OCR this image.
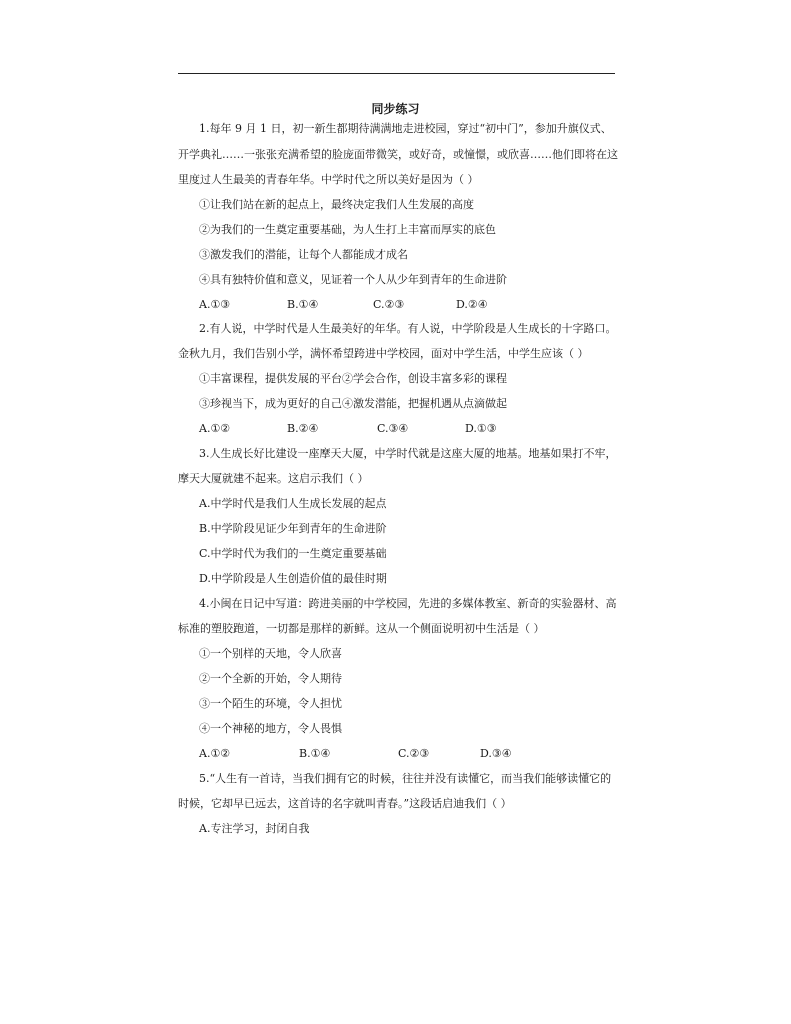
同步练习
1.每年 9 月 1 日，初一新生都期待满满地走进校园，穿过“初中门”，参加升旗仪式、
开学典礼……一张张充满希望的脸庞面带微笑，或好奇，或憧憬，或欣喜……他们即将在这
里度过人生最美的青春年华。中学时代之所以美好是因为（ ）
①让我们站在新的起点上，最终决定我们人生发展的高度
②为我们的一生奠定重要基础，为人生打上丰富而厚实的底色
③激发我们的潜能，让每个人都能成才成名
④具有独特价值和意义，见证着一个人从少年到青年的生命进阶
A.①③	B.①④	C.②③	D.②④
2.有人说，中学时代是人生最美好的年华。有人说，中学阶段是人生成长的十字路口。
金秋九月，我们告别小学，满怀希望跨进中学校园，面对中学生活，中学生应该（ ）
①丰富课程，提供发展的平台②学会合作，创设丰富多彩的课程
③珍视当下，成为更好的自己④激发潜能，把握机遇从点滴做起
A.①②	B.②④	C.③④	D.①③
3.人生成长好比建设一座摩天大厦，中学时代就是这座大厦的地基。地基如果打不牢，
摩天大厦就建不起来。这启示我们（ ）
A.中学时代是我们人生成长发展的起点
B.中学阶段见证少年到青年的生命进阶
C.中学时代为我们的一生奠定重要基础
D.中学阶段是人生创造价值的最佳时期
4.小闽在日记中写道：跨进美丽的中学校园，先进的多媒体教室、新奇的实验器材、高
标准的塑胶跑道，一切都是那样的新鲜。这从一个侧面说明初中生活是（ ）
①一个别样的天地，令人欣喜
②一个全新的开始，令人期待
③一个陌生的环境，令人担忧
④一个神秘的地方，令人畏惧
A.①②	B.①④	C.②③	D.③④
5.“人生有一首诗，当我们拥有它的时候，往往并没有读懂它，而当我们能够读懂它的
时候，它却早已远去，这首诗的名字就叫青春。”这段话启迪我们（ ）
A.专注学习，封闭自我
